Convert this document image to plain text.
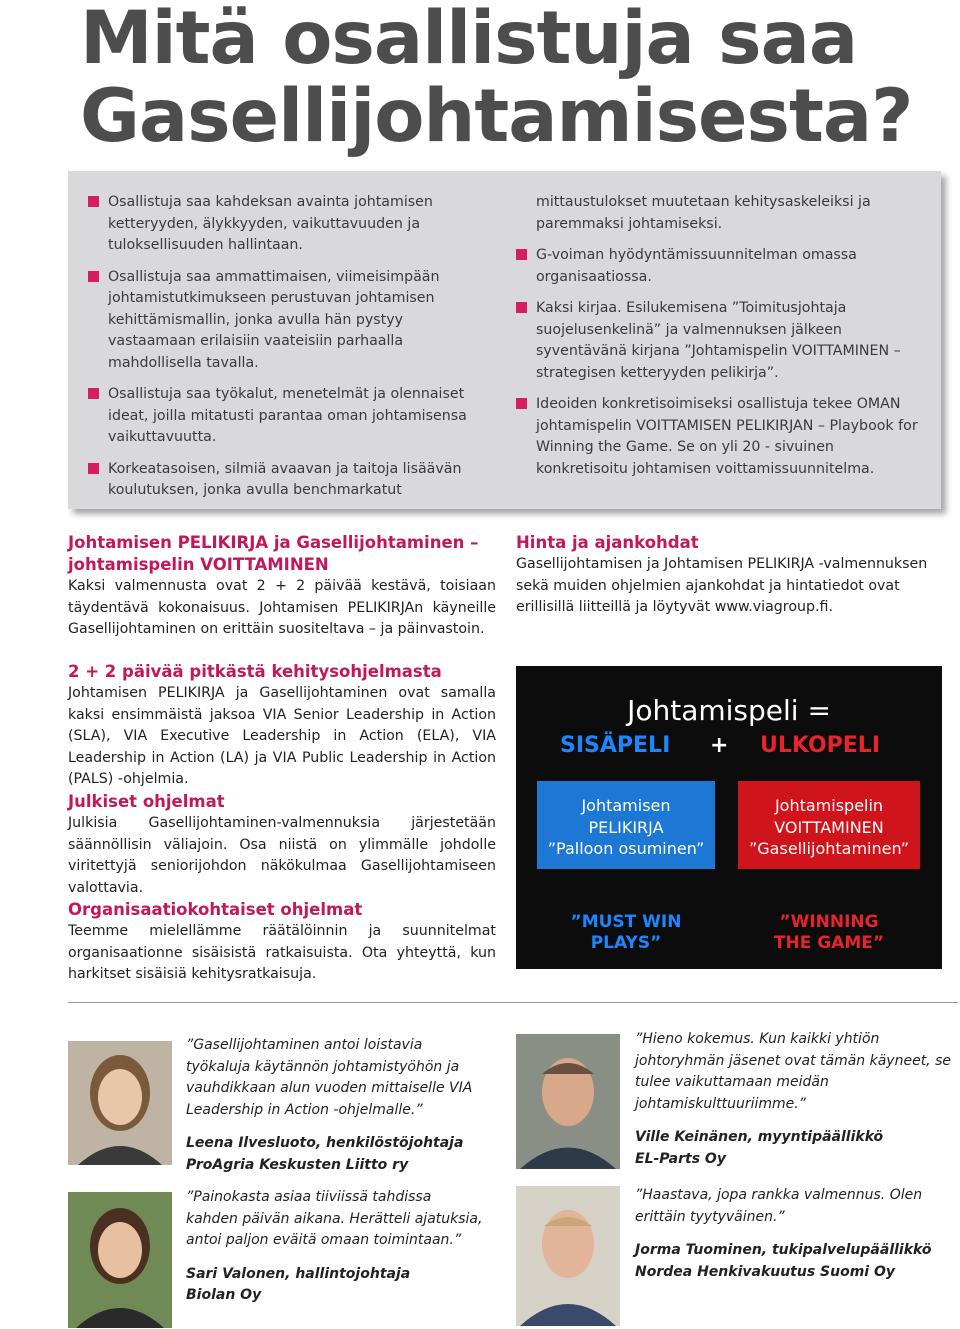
Mitä osallistuja saa
Gasellijohtamisesta?
Osallistuja saa kahdeksan avainta johtamisen ketteryyden, älykkyyden, vaikuttavuuden ja tuloksellisuuden hallintaan.
Osallistuja saa ammattimaisen, viimeisimpään johtamistutkimukseen perustuvan johtamisen kehittämismallin, jonka avulla hän pystyy vastaamaan erilaisiin vaateisiin parhaalla mahdollisella tavalla.
Osallistuja saa työkalut, menetelmät ja olennaiset ideat, joilla mitatusti parantaa oman johtamisensa vaikuttavuutta.
Korkeatasoisen, silmiä avaavan ja taitoja lisäävän koulutuksen, jonka avulla benchmarkatut
mittaustulokset muutetaan kehitysaskeleiksi ja paremmaksi johtamiseksi.
G-voiman hyödyntämissuunnitelman omassa organisaatiossa.
Kaksi kirjaa. Esilukemisena ”Toimitusjohtaja suojelusenkelinä” ja valmennuksen jälkeen syventävänä kirjana ”Johtamispelin VOITTAMINEN – strategisen ketteryyden pelikirja”.
Ideoiden konkretisoimiseksi osallistuja tekee OMAN johtamispelin VOITTAMISEN PELIKIRJAN – Playbook for Winning the Game. Se on yli 20 - sivuinen konkretisoitu johtamisen voittamissuunnitelma.
Johtamisen PELIKIRJA ja Gasellijohtaminen – johtamispelin VOITTAMINEN
Kaksi valmennusta ovat 2 + 2 päivää kestävä, toisiaan täydentävä kokonaisuus. Johtamisen PELIKIRJAn käyneille Gasellijohtaminen on erittäin suositeltava – ja päinvastoin.
2 + 2 päivää pitkästä kehitysohjelmasta
Johtamisen PELIKIRJA ja Gasellijohtaminen ovat samalla kaksi ensimmäistä jaksoa VIA Senior Leadership in Action (SLA), VIA Executive Leadership in Action (ELA), VIA Leadership in Action (LA) ja VIA Public Leadership in Action (PALS) -ohjelmia.
Julkiset ohjelmat
Julkisia Gasellijohtaminen-valmennuksia järjestetään säännöllisin väliajoin. Osa niistä on ylimmälle johdolle viritettyjä seniorijohdon näkökulmaa Gasellijohtamiseen valottavia.
Organisaatiokohtaiset ohjelmat
Teemme mielellämme räätälöinnin ja suunnitelmat organisaationne sisäisistä ratkaisuista. Ota yhteyttä, kun harkitset sisäisiä kehitysratkaisuja.
Hinta ja ajankohdat
Gasellijohtamisen ja Johtamisen PELIKIRJA -valmennuksen sekä muiden ohjelmien ajankohdat ja hintatiedot ovat erillisillä liitteillä ja löytyvät www.viagroup.fi.
Johtamispeli =
SISÄPELI + ULKOPELI
Johtamisen
PELIKIRJA
”Palloon osuminen”
Johtamispelin
VOITTAMINEN
”Gasellijohtaminen”
”MUST WIN
PLAYS”
”WINNING
THE GAME”
”Gasellijohtaminen antoi loistavia työkaluja käytännön johtamistyöhön ja vauhdikkaan alun vuoden mittaiselle VIA Leadership in Action -ohjelmalle.”
Leena Ilvesluoto, henkilöstöjohtaja
ProAgria Keskusten Liitto ry
”Painokasta asiaa tiiviissä tahdissa kahden päivän aikana. Herätteli ajatuksia, antoi paljon eväitä omaan toimintaan.”
Sari Valonen, hallintojohtaja
Biolan Oy
”Hieno kokemus. Kun kaikki yhtiön johtoryhmän jäsenet ovat tämän käyneet, se tulee vaikuttamaan meidän johtamiskulttuuriimme.”
Ville Keinänen, myyntipäällikkö
EL-Parts Oy
”Haastava, jopa rankka valmennus. Olen erittäin tyytyväinen.”
Jorma Tuominen, tukipalvelupäällikkö
Nordea Henkivakuutus Suomi Oy
